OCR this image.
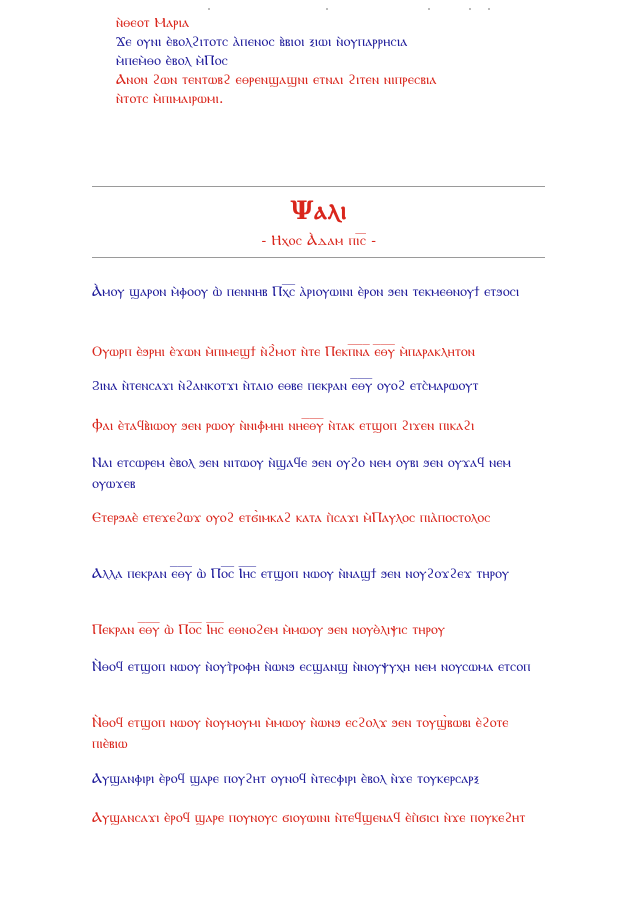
ⲛ̀ⲑⲉⲟⲧ Ⲙⲁⲣⲓⲁ

Ϫⲉ ⲟⲩⲛⲓ ⲉ̀ⲃⲟⲗϩⲓⲧⲟⲧⲥ ⲁ̀ⲡⲉⲛⲟⲥ ⲃ̀ⲃⲓⲟⲓ ⲝⲓⲱⲓ ⲛ̀ⲟⲩⲡⲁⲣⲣⲏⲥⲓⲁ

ⲙ̀ⲡⲉⲙ̀ⲑⲟ ⲉ̀ⲃⲟⲗ ⲙ̀Ⲡⲟⲥ

Ⲁⲛⲟⲛ ϩⲱⲛ ⲧⲉⲛⲧⲱⲃϩ ⲉⲑⲣⲉⲛϣⲁϣⲛⲓ ⲉⲧⲛⲁⲓ ϩⲓⲧⲉⲛ ⲛⲓⲡⲣⲉⲥⲃⲓⲁ

ⲛ̀ⲧⲟⲧⲥ ⲙ̀ⲡⲓⲙⲁⲓⲣⲱⲙⲓ.

Ψⲁⲗⲓ
- Ⲏⲭⲟⲥ Ⲁ̀ⲇⲁⲙ ⲡⲓ̅ⲥ̅ -

Ⲁ̀ⲙⲟⲩ ϣⲁⲣⲟⲛ ⲙ̀ⲫⲟⲟⲩ ⲱ̀ ⲡⲉⲛⲛⲏⲃ Ⲡⲭ̅ⲥ̅ ⲁ̀ⲣⲓⲟⲩⲱⲓⲛⲓ ⲉ̀ⲣⲟⲛ ϧⲉⲛ ⲧⲉⲕⲙⲉⲑⲛⲟⲩϯ ⲉⲧϧⲟⲥⲓ

Ⲟⲩⲱⲣⲡ ⲉ̀ϧⲣⲏⲓ ⲉ̀ϫⲱⲛ ⲙ̀ⲡⲓⲙⲉϣϯ ⲛ̀ϩ̀ⲙⲟⲧ ⲛ̀ⲧⲉ Ⲡⲉⲕⲡ̅ⲛ̅ⲁ̅ ⲉ̅ⲑ̅ⲩ̅ ⲙ̀ⲡⲁⲣⲁⲕⲗⲏⲧⲟⲛ

Ϩⲓⲛⲁ ⲛ̀ⲧⲉⲛⲥⲁϫⲓ ⲛ̀ϩⲁⲛⲕⲟⲧϫⲓ ⲛ̀ⲧⲁⲓⲟ ⲉⲑⲃⲉ ⲡⲉⲕⲣⲁⲛ ⲉ̅ⲑ̅ⲩ̅ ⲟⲩⲟϩ ⲉⲧⲥ̀ⲙⲁⲣⲱⲟⲩⲧ

Ⲫⲁⲓ ⲉ̀ⲧⲁϥⲃ̀ⲓⲱⲟⲩ ϧⲉⲛ ⲣⲱⲟⲩ ⲛ̀ⲛⲓⲫ̀ⲙⲏⲓ ⲛⲏⲉ̅ⲑ̅ⲩ̅ ⲛ̀ⲧⲁⲕ ⲉⲧϣⲟⲡ ϩⲓϫⲉⲛ ⲡⲓⲕⲁϩⲓ

Ⲛⲁⲓ ⲉⲧⲥⲱⲣⲉⲙ ⲉ̀ⲃⲟⲗ ϧⲉⲛ ⲛⲓⲧⲱⲟⲩ ⲛ̀ϣⲁϥⲉ ϧⲉⲛ ⲟⲩϩⲟ ⲛⲉⲙ ⲟⲩⲃⲓ ϧⲉⲛ ⲟⲩϫⲁϥ ⲛⲉⲙ ⲟⲩⲱϫⲉⲃ

Ⲉⲧⲉⲣϧⲁⲉ̀ ⲉⲧⲉϫⲉϩⲱϫ ⲟⲩⲟϩ ⲉⲧϭ̀ⲓⲙⲕⲁϩ ⲕⲁⲧⲁ ⲡ̀ⲥⲁϫⲓ ⲙ̀Ⲡⲁⲩⲗⲟⲥ ⲡⲓⲁ̀ⲡⲟⲥⲧⲟⲗⲟⲥ

Ⲁⲗⲗⲁ ⲡⲉⲕⲣⲁⲛ ⲉ̅ⲑ̅ⲩ̅ ⲱ̀ Ⲡⲟ̅ⲥ̅ Ⲓ̅ⲏ̅ⲥ̅ ⲉⲧϣⲟⲡ ⲛⲱⲟⲩ ⲛ̀ⲛⲁϣϯ ϧⲉⲛ ⲛⲟⲩϩⲟϫϩⲉϫ ⲧⲏⲣⲟⲩ

Ⲡⲉⲕⲣⲁⲛ ⲉ̅ⲑ̅ⲩ̅ ⲱ̀ Ⲡⲟ̅ⲥ̅ Ⲓ̅ⲏ̅ⲥ̅ ⲉⲑⲛⲟϩⲉⲙ ⲙ̀ⲙⲱⲟⲩ ϧⲉⲛ ⲛⲟⲩⲑ̀ⲗⲓⲯⲓⲥ ⲧⲏⲣⲟⲩ

Ⲛ̀ⲑⲟϥ ⲉⲧϣⲟⲡ ⲛⲱⲟⲩ ⲛ̀ⲟⲩⲧ̀ⲣⲟⲫⲏ ⲛ̀ⲱⲛϧ ⲉⲥϣⲁⲛϣ ⲛ̀ⲛⲟⲩⲯⲩⲭⲏ ⲛⲉⲙ ⲛⲟⲩⲥⲱⲙⲁ ⲉⲧⲥⲟⲡ

Ⲛ̀ⲑⲟϥ ⲉⲧϣⲟⲡ ⲛⲱⲟⲩ ⲛ̀ⲟⲩⲙⲟⲩⲙⲓ ⲙ̀ⲙⲱⲟⲩ ⲛ̀ⲱⲛϧ ⲉⲥϩⲟⲗϫ ϧⲉⲛ ⲧⲟⲩϣ̀ⲃⲱⲃⲓ ⲉ̀ϩⲟⲧⲉ ⲡⲓⲉ̀ⲃⲓⲱ

Ⲁⲩϣⲁⲛⲫⲓⲣⲓ ⲉ̀ⲣⲟϥ ϣⲁⲣⲉ ⲡⲟⲩϩⲏⲧ ⲟⲩⲛⲟϥ ⲛ̀ⲧⲉⲥⲫⲓⲣⲓ ⲉ̀ⲃⲟⲗ ⲛ̀ϫⲉ ⲧⲟⲩⲕⲉⲣⲥⲁⲣⲝ

Ⲁⲩϣⲁⲛⲥⲁϫⲓ ⲉ̀ⲣⲟϥ ϣⲁⲣⲉ ⲡⲟⲩⲛⲟⲩⲥ ϭⲓⲟⲩⲱⲓⲛⲓ ⲛ̀ⲧⲉϥϣⲉⲛⲁϥ ⲉ̀ⲡ̀ϭⲓⲥⲓ ⲛ̀ϫⲉ ⲡⲟⲩⲕⲉϩⲏⲧ
